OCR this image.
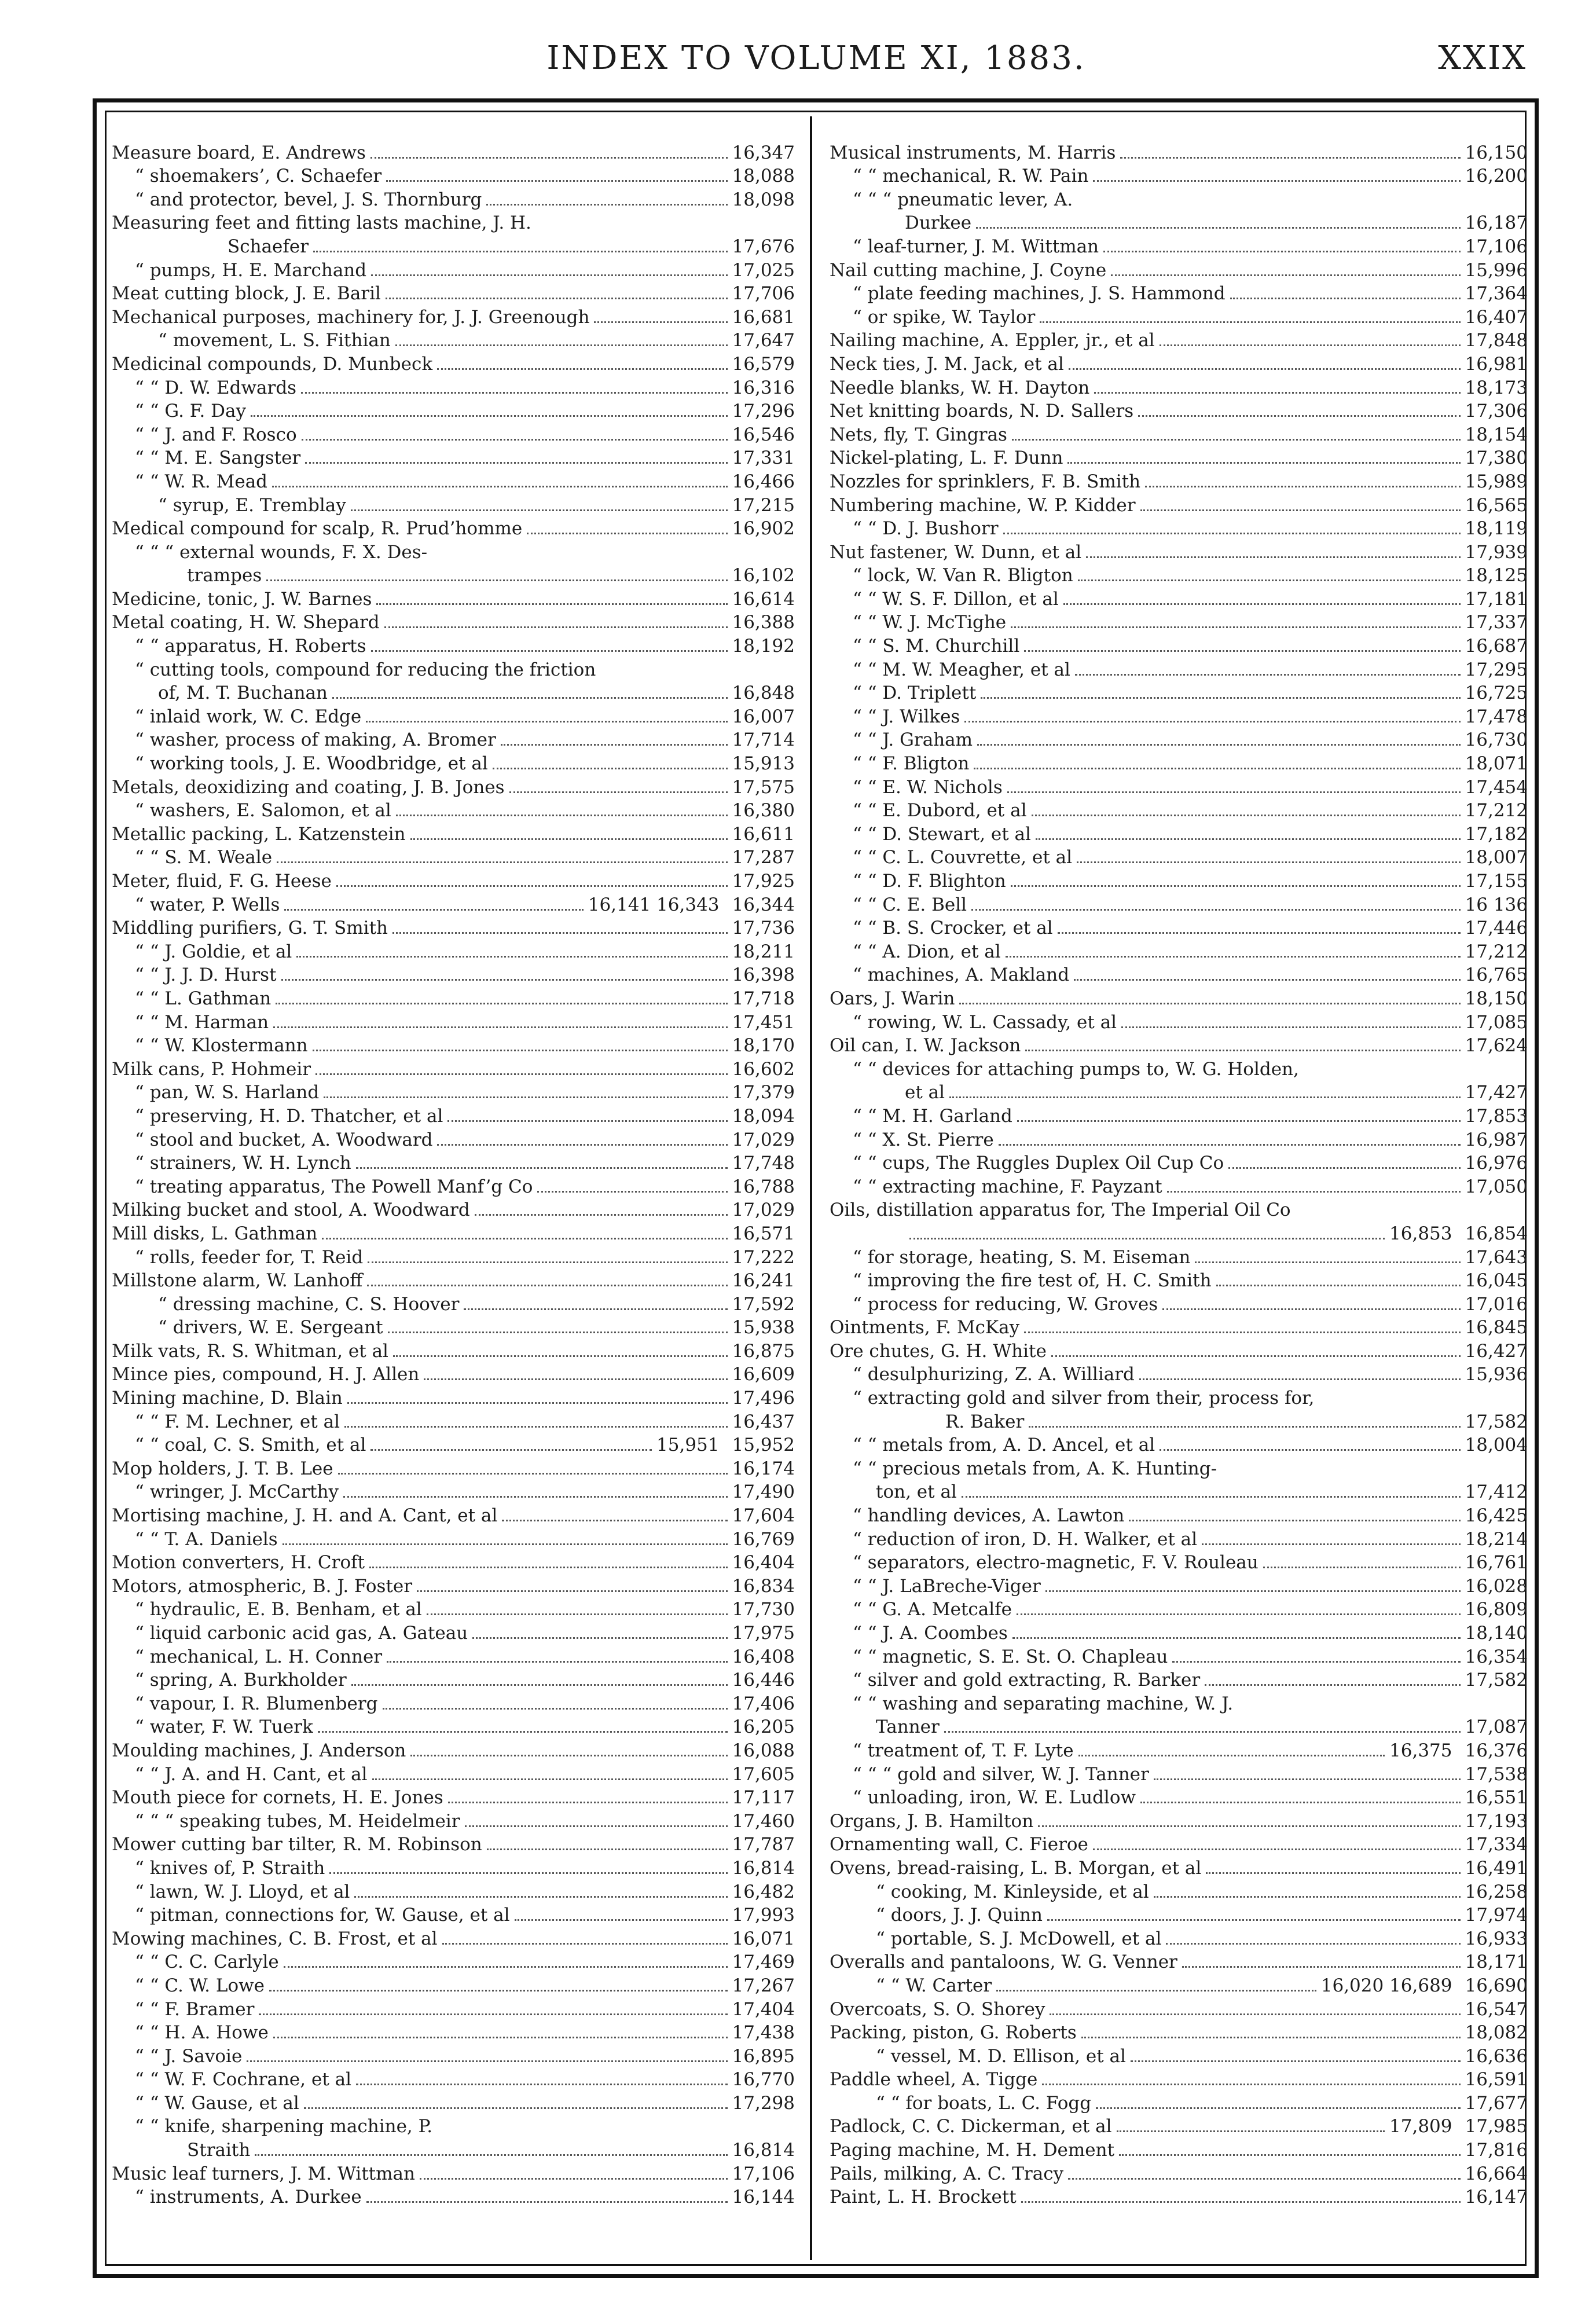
INDEX TO VOLUME XI, 1883.	XXIX
Measure board, E. Andrews	16,347
“ shoemakers’, C. Schaefer	18,088
“ and protector, bevel, J. S. Thornburg	18,098
Measuring feet and fitting lasts machine, J. H.
Schaefer	17,676
“ pumps, H. E. Marchand	17,025
Meat cutting block, J. E. Baril	17,706
Mechanical purposes, machinery for, J. J. Greenough	16,681
“ movement, L. S. Fithian	17,647
Medicinal compounds, D. Munbeck	16,579
“ “ D. W. Edwards	16,316
“ “ G. F. Day	17,296
“ “ J. and F. Rosco	16,546
“ “ M. E. Sangster	17,331
“ “ W. R. Mead	16,466
“ syrup, E. Tremblay	17,215
Medical compound for scalp, R. Prud’homme	16,902
“ “ “ external wounds, F. X. Des-
trampes	16,102
Medicine, tonic, J. W. Barnes	16,614
Metal coating, H. W. Shepard	16,388
“ “ apparatus, H. Roberts	18,192
“ cutting tools, compound for reducing the friction
of, M. T. Buchanan	16,848
“ inlaid work, W. C. Edge	16,007
“ washer, process of making, A. Bromer	17,714
“ working tools, J. E. Woodbridge, et al	15,913
Metals, deoxidizing and coating, J. B. Jones	17,575
“ washers, E. Salomon, et al	16,380
Metallic packing, L. Katzenstein	16,611
“ “ S. M. Weale	17,287
Meter, fluid, F. G. Heese	17,925
“ water, P. Wells	16,141 16,343 16,344
Middling purifiers, G. T. Smith	17,736
“ “ J. Goldie, et al	18,211
“ “ J. J. D. Hurst	16,398
“ “ L. Gathman	17,718
“ “ M. Harman	17,451
“ “ W. Klostermann	18,170
Milk cans, P. Hohmeir	16,602
“ pan, W. S. Harland	17,379
“ preserving, H. D. Thatcher, et al	18,094
“ stool and bucket, A. Woodward	17,029
“ strainers, W. H. Lynch	17,748
“ treating apparatus, The Powell Manf’g Co	16,788
Milking bucket and stool, A. Woodward	17,029
Mill disks, L. Gathman	16,571
“ rolls, feeder for, T. Reid	17,222
Millstone alarm, W. Lanhoff	16,241
“ dressing machine, C. S. Hoover	17,592
“ drivers, W. E. Sergeant	15,938
Milk vats, R. S. Whitman, et al	16,875
Mince pies, compound, H. J. Allen	16,609
Mining machine, D. Blain	17,496
“ “ F. M. Lechner, et al	16,437
“ “ coal, C. S. Smith, et al	15,951 15,952
Mop holders, J. T. B. Lee	16,174
“ wringer, J. McCarthy	17,490
Mortising machine, J. H. and A. Cant, et al	17,604
“ “ T. A. Daniels	16,769
Motion converters, H. Croft	16,404
Motors, atmospheric, B. J. Foster	16,834
“ hydraulic, E. B. Benham, et al	17,730
“ liquid carbonic acid gas, A. Gateau	17,975
“ mechanical, L. H. Conner	16,408
“ spring, A. Burkholder	16,446
“ vapour, I. R. Blumenberg	17,406
“ water, F. W. Tuerk	16,205
Moulding machines, J. Anderson	16,088
“ “ J. A. and H. Cant, et al	17,605
Mouth piece for cornets, H. E. Jones	17,117
“ “ “ speaking tubes, M. Heidelmeir	17,460
Mower cutting bar tilter, R. M. Robinson	17,787
“ knives of, P. Straith	16,814
“ lawn, W. J. Lloyd, et al	16,482
“ pitman, connections for, W. Gause, et al	17,993
Mowing machines, C. B. Frost, et al	16,071
“ “ C. C. Carlyle	17,469
“ “ C. W. Lowe	17,267
“ “ F. Bramer	17,404
“ “ H. A. Howe	17,438
“ “ J. Savoie	16,895
“ “ W. F. Cochrane, et al	16,770
“ “ W. Gause, et al	17,298
“ “ knife, sharpening machine, P.
Straith	16,814
Music leaf turners, J. M. Wittman	17,106
“ instruments, A. Durkee	16,144
Musical instruments, M. Harris	16,150
“ “ mechanical, R. W. Pain	16,200
“ “ “ pneumatic lever, A.
Durkee	16,187
“ leaf-turner, J. M. Wittman	17,106
Nail cutting machine, J. Coyne	15,996
“ plate feeding machines, J. S. Hammond	17,364
“ or spike, W. Taylor	16,407
Nailing machine, A. Eppler, jr., et al	17,848
Neck ties, J. M. Jack, et al	16,981
Needle blanks, W. H. Dayton	18,173
Net knitting boards, N. D. Sallers	17,306
Nets, fly, T. Gingras	18,154
Nickel-plating, L. F. Dunn	17,380
Nozzles for sprinklers, F. B. Smith	15,989
Numbering machine, W. P. Kidder	16,565
“ “ D. J. Bushorr	18,119
Nut fastener, W. Dunn, et al	17,939
“ lock, W. Van R. Bligton	18,125
“ “ W. S. F. Dillon, et al	17,181
“ “ W. J. McTighe	17,337
“ “ S. M. Churchill	16,687
“ “ M. W. Meagher, et al	17,295
“ “ D. Triplett	16,725
“ “ J. Wilkes	17,478
“ “ J. Graham	16,730
“ “ F. Bligton	18,071
“ “ E. W. Nichols	17,454
“ “ E. Dubord, et al	17,212
“ “ D. Stewart, et al	17,182
“ “ C. L. Couvrette, et al	18,007
“ “ D. F. Blighton	17,155
“ “ C. E. Bell	16 136
“ “ B. S. Crocker, et al	17,446
“ “ A. Dion, et al	17,212
“ machines, A. Makland	16,765
Oars, J. Warin	18,150
“ rowing, W. L. Cassady, et al	17,085
Oil can, I. W. Jackson	17,624
“ “ devices for attaching pumps to, W. G. Holden,
et al	17,427
“ “ M. H. Garland	17,853
“ “ X. St. Pierre	16,987
“ “ cups, The Ruggles Duplex Oil Cup Co	16,976
“ “ extracting machine, F. Payzant	17,050
Oils, distillation apparatus for, The Imperial Oil Co
16,853 16,854
“ for storage, heating, S. M. Eiseman	17,643
“ improving the fire test of, H. C. Smith	16,045
“ process for reducing, W. Groves	17,016
Ointments, F. McKay	16,845
Ore chutes, G. H. White	16,427
“ desulphurizing, Z. A. Williard	15,936
“ extracting gold and silver from their, process for,
R. Baker	17,582
“ “ metals from, A. D. Ancel, et al	18,004
“ “ precious metals from, A. K. Hunting-
ton, et al	17,412
“ handling devices, A. Lawton	16,425
“ reduction of iron, D. H. Walker, et al	18,214
“ separators, electro-magnetic, F. V. Rouleau	16,761
“ “ J. LaBreche-Viger	16,028
“ “ G. A. Metcalfe	16,809
“ “ J. A. Coombes	18,140
“ “ magnetic, S. E. St. O. Chapleau	16,354
“ silver and gold extracting, R. Barker	17,582
“ “ washing and separating machine, W. J.
Tanner	17,087
“ treatment of, T. F. Lyte	16,375 16,376
“ “ “ gold and silver, W. J. Tanner	17,538
“ unloading, iron, W. E. Ludlow	16,551
Organs, J. B. Hamilton	17,193
Ornamenting wall, C. Fieroe	17,334
Ovens, bread-raising, L. B. Morgan, et al	16,491
“ cooking, M. Kinleyside, et al	16,258
“ doors, J. J. Quinn	17,974
“ portable, S. J. McDowell, et al	16,933
Overalls and pantaloons, W. G. Venner	18,171
“ “ W. Carter	16,020 16,689 16,690
Overcoats, S. O. Shorey	16,547
Packing, piston, G. Roberts	18,082
“ vessel, M. D. Ellison, et al	16,636
Paddle wheel, A. Tigge	16,591
“ “ for boats, L. C. Fogg	17,677
Padlock, C. C. Dickerman, et al	17,809 17,985
Paging machine, M. H. Dement	17,816
Pails, milking, A. C. Tracy	16,664
Paint, L. H. Brockett	16,147
